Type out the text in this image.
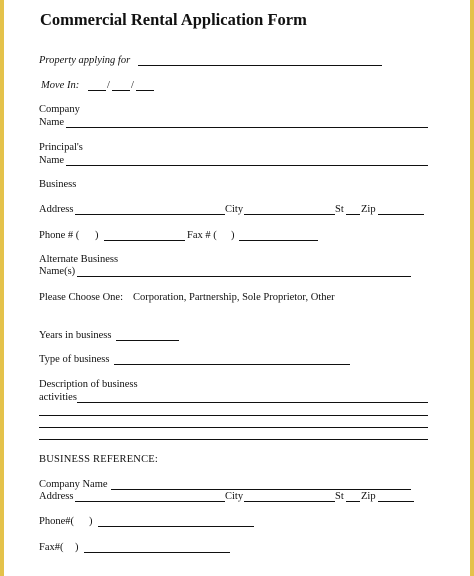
Commercial Rental Application Form
Property applying for
Move In:	/ /
Company
Name
Principal's
Name
Business
Address	City	St Zip
Phone # ( )	Fax # ( )
Alternate Business
Name(s)
Please Choose One: Corporation, Partnership, Sole Proprietor, Other
Years in business
Type of business
Description of business
activities
BUSINESS REFERENCE:
Company Name
Address	City	St Zip
Phone#( )
Fax#( )
